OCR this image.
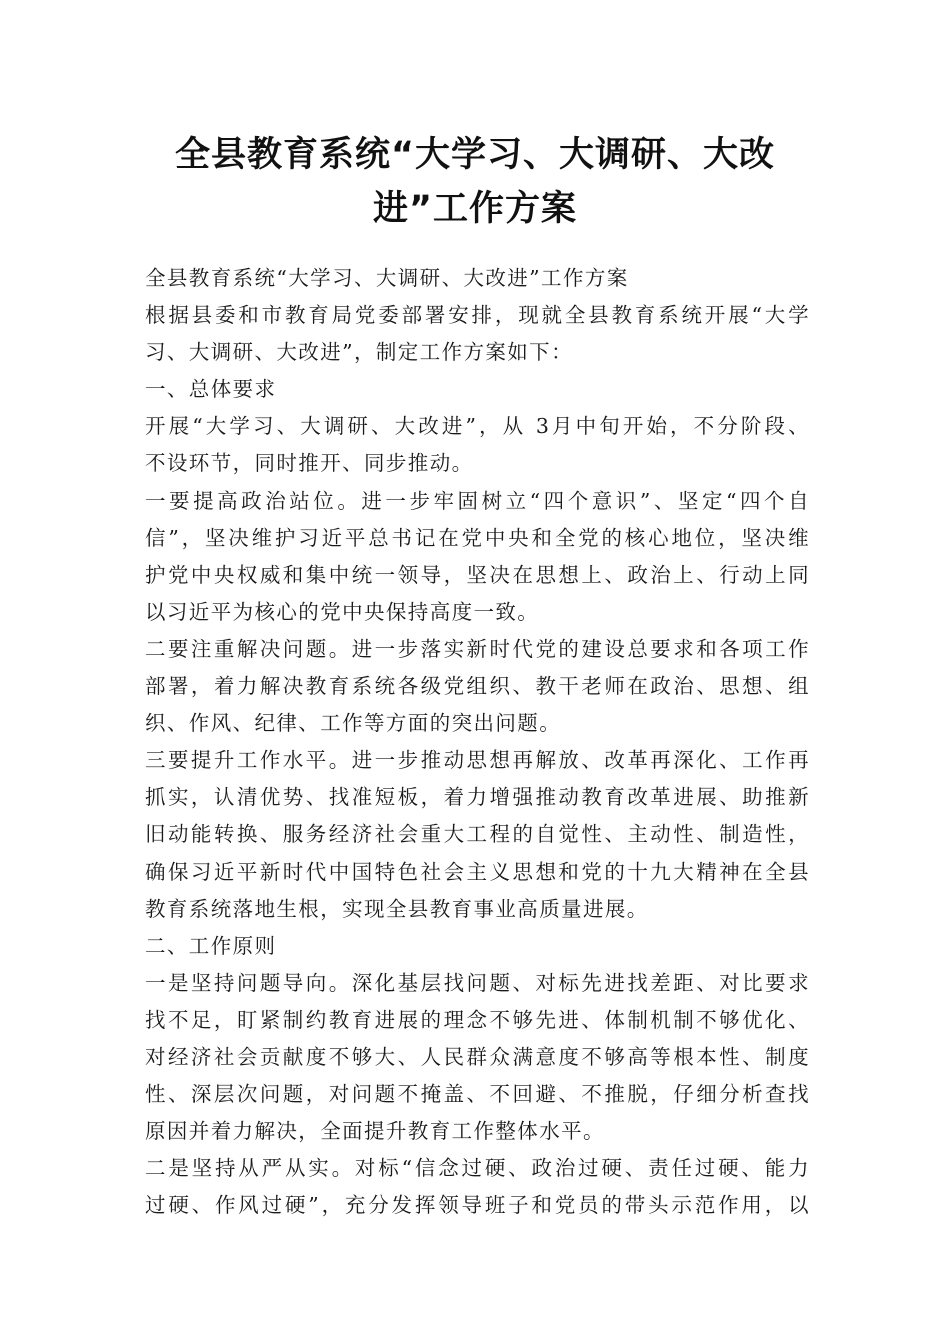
全县教育系统“大学习、大调研、大改
进”工作方案
全县教育系统“大学习、大调研、大改进”工作方案
根据县委和市教育局党委部署安排，现就全县教育系统开展“大学
习、大调研、大改进”，制定工作方案如下：
一、总体要求
开展“大学习、大调研、大改进”，从 3月中旬开始，不分阶段、
不设环节，同时推开、同步推动。
一要提高政治站位。进一步牢固树立“四个意识”、坚定“四个自
信”，坚决维护习近平总书记在党中央和全党的核心地位，坚决维
护党中央权威和集中统一领导，坚决在思想上、政治上、行动上同
以习近平为核心的党中央保持高度一致。
二要注重解决问题。进一步落实新时代党的建设总要求和各项工作
部署，着力解决教育系统各级党组织、教干老师在政治、思想、组
织、作风、纪律、工作等方面的突出问题。
三要提升工作水平。进一步推动思想再解放、改革再深化、工作再
抓实，认清优势、找准短板，着力增强推动教育改革进展、助推新
旧动能转换、服务经济社会重大工程的自觉性、主动性、制造性，
确保习近平新时代中国特色社会主义思想和党的十九大精神在全县
教育系统落地生根，实现全县教育事业高质量进展。
二、工作原则
一是坚持问题导向。深化基层找问题、对标先进找差距、对比要求
找不足，盯紧制约教育进展的理念不够先进、体制机制不够优化、
对经济社会贡献度不够大、人民群众满意度不够高等根本性、制度
性、深层次问题，对问题不掩盖、不回避、不推脱，仔细分析查找
原因并着力解决，全面提升教育工作整体水平。
二是坚持从严从实。对标“信念过硬、政治过硬、责任过硬、能力
过硬、作风过硬”，充分发挥领导班子和党员的带头示范作用，以
